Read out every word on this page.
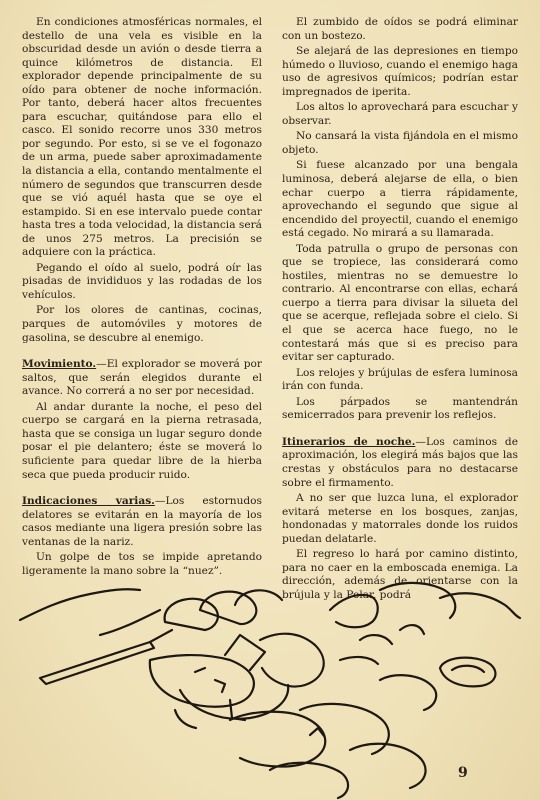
En condiciones atmosféricas normales, el destello de una vela es visible en la obscuridad desde un avión o desde tierra a quince kilómetros de distancia. El explorador depende principalmente de su oído para obtener de noche información. Por tanto, deberá hacer altos frecuentes para escuchar, quitándose para ello el casco. El sonido recorre unos 330 metros por segundo. Por esto, si se ve el fogonazo de un arma, puede saber aproximadamente la distancia a ella, contando mentalmente el número de segundos que transcurren desde que se vió aquél hasta que se oye el estampido. Si en ese intervalo puede contar hasta tres a toda velocidad, la distancia será de unos 275 metros. La precisión se adquiere con la práctica.

Pegando el oído al suelo, podrá oír las pisadas de invididuos y las rodadas de los vehículos.

Por los olores de cantinas, cocinas, parques de automóviles y motores de gasolina, se descubre al enemigo.

Movimiento.—El explorador se moverá por saltos, que serán elegidos durante el avance. No correrá a no ser por necesidad.

Al andar durante la noche, el peso del cuerpo se cargará en la pierna retrasada, hasta que se consiga un lugar seguro donde posar el pie delantero; éste se moverá lo suficiente para quedar libre de la hierba seca que pueda producir ruido.

Indicaciones varias.—Los estornudos delatores se evitarán en la mayoría de los casos mediante una ligera presión sobre las ventanas de la nariz.

Un golpe de tos se impide apretando ligeramente la mano sobre la “nuez”.

El zumbido de oídos se podrá eliminar con un bostezo.

Se alejará de las depresiones en tiempo húmedo o lluvioso, cuando el enemigo haga uso de agresivos químicos; podrían estar impregnados de iperita.

Los altos lo aprovechará para escuchar y observar.

No cansará la vista fijándola en el mismo objeto.

Si fuese alcanzado por una bengala luminosa, deberá alejarse de ella, o bien echar cuerpo a tierra rápidamente, aprovechando el segundo que sigue al encendido del proyectil, cuando el enemigo está cegado. No mirará a su llamarada.

Toda patrulla o grupo de personas con que se tropiece, las considerará como hostiles, mientras no se demuestre lo contrario. Al encontrarse con ellas, echará cuerpo a tierra para divisar la silueta del que se acerque, reflejada sobre el cielo. Si el que se acerca hace fuego, no le contestará más que si es preciso para evitar ser capturado.

Los relojes y brújulas de esfera luminosa irán con funda.

Los párpados se mantendrán semicerrados para prevenir los reflejos.

Itinerarios de noche.—Los caminos de aproximación, los elegirá más bajos que las crestas y obstáculos para no destacarse sobre el firmamento.

A no ser que luzca luna, el explorador evitará meterse en los bosques, zanjas, hondonadas y matorrales donde los ruidos puedan delatarle.

El regreso lo hará por camino distinto, para no caer en la emboscada enemiga. La dirección, además de orientarse con la brújula y la Polar, podrá

9
